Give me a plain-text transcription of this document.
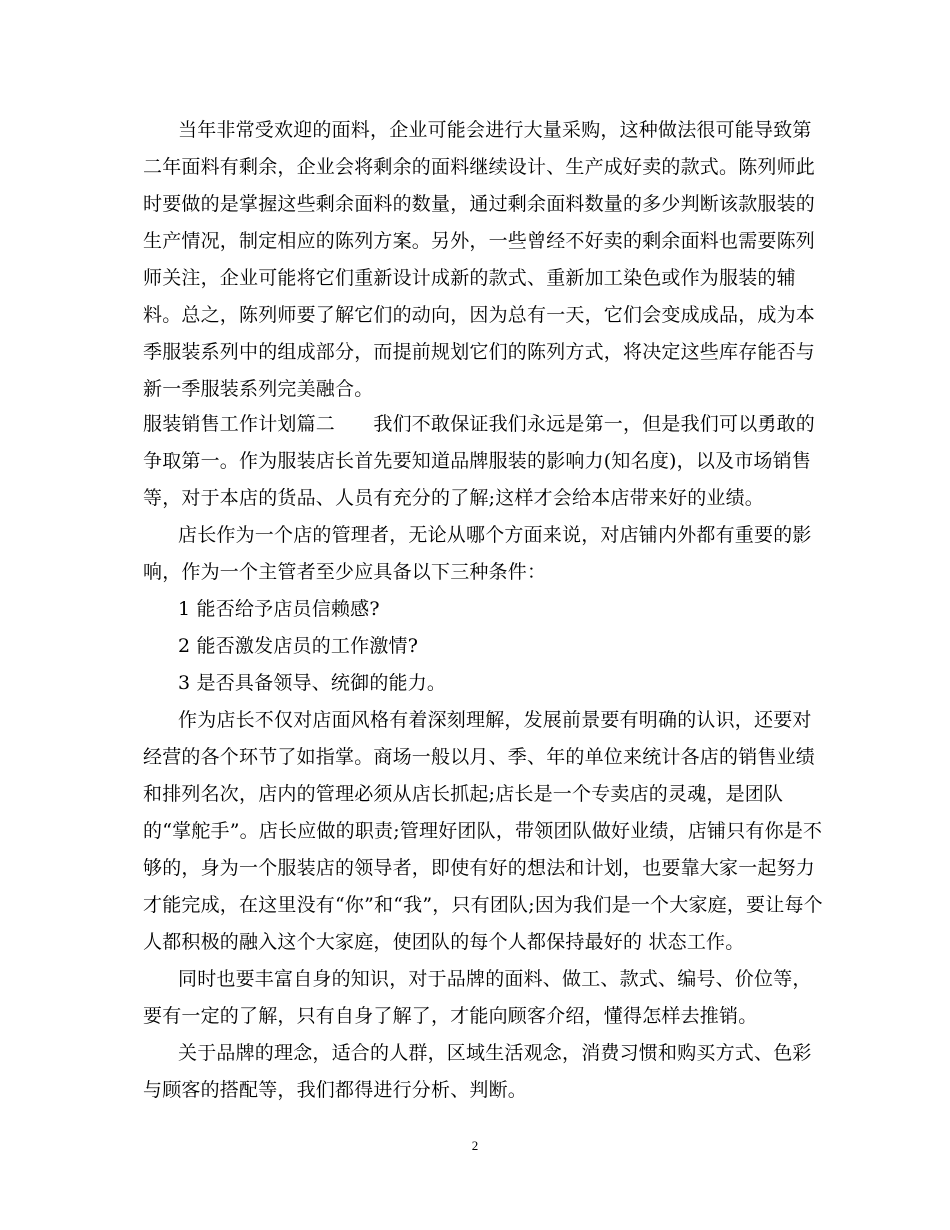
当年非常受欢迎的面料，企业可能会进行大量采购，这种做法很可能导致第
二年面料有剩余，企业会将剩余的面料继续设计、生产成好卖的款式。陈列师此
时要做的是掌握这些剩余面料的数量，通过剩余面料数量的多少判断该款服装的
生产情况，制定相应的陈列方案。另外，一些曾经不好卖的剩余面料也需要陈列
师关注，企业可能将它们重新设计成新的款式、重新加工染色或作为服装的辅
料。总之，陈列师要了解它们的动向，因为总有一天，它们会变成成品，成为本
季服装系列中的组成部分，而提前规划它们的陈列方式，将决定这些库存能否与
新一季服装系列完美融合。
服装销售工作计划篇二　　我们不敢保证我们永远是第一，但是我们可以勇敢的
争取第一。作为服装店长首先要知道品牌服装的影响力(知名度)，以及市场销售
等，对于本店的货品、人员有充分的了解;这样才会给本店带来好的业绩。
店长作为一个店的管理者，无论从哪个方面来说，对店铺内外都有重要的影
响，作为一个主管者至少应具备以下三种条件：
1 能否给予店员信赖感?
2 能否激发店员的工作激情?
3 是否具备领导、统御的能力。
作为店长不仅对店面风格有着深刻理解，发展前景要有明确的认识，还要对
经营的各个环节了如指掌。商场一般以月、季、年的单位来统计各店的销售业绩
和排列名次，店内的管理必须从店长抓起;店长是一个专卖店的灵魂，是团队
的“掌舵手”。店长应做的职责;管理好团队，带领团队做好业绩，店铺只有你是不
够的，身为一个服装店的领导者，即使有好的想法和计划，也要靠大家一起努力
才能完成，在这里没有“你”和“我”，只有团队;因为我们是一个大家庭，要让每个
人都积极的融入这个大家庭，使团队的每个人都保持最好的 状态工作。
同时也要丰富自身的知识，对于品牌的面料、做工、款式、编号、价位等，
要有一定的了解，只有自身了解了，才能向顾客介绍，懂得怎样去推销。
关于品牌的理念，适合的人群，区域生活观念，消费习惯和购买方式、色彩
与顾客的搭配等，我们都得进行分析、判断。
2
